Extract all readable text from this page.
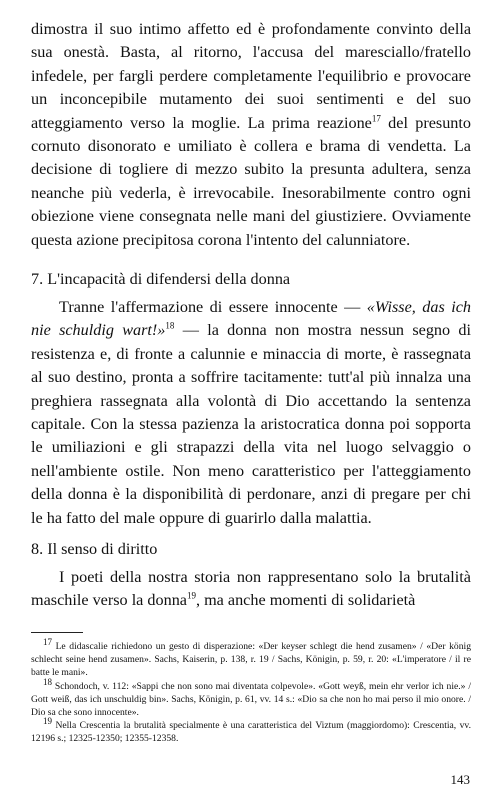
dimostra il suo intimo affetto ed è profondamente convinto della sua onestà. Basta, al ritorno, l'accusa del maresciallo/fratello infedele, per fargli perdere completamente l'equilibrio e provocare un inconcepibile mutamento dei suoi sentimenti e del suo atteggiamento verso la moglie. La prima reazione$^{17}$ del presunto cornuto disonorato e umiliato è collera e brama di vendetta. La decisione di togliere di mezzo subito la presunta adultera, senza neanche più vederla, è irrevocabile. Inesorabilmente contro ogni obiezione viene consegnata nelle mani del giustiziere. Ovviamente questa azione precipitosa corona l'intento del calunniatore.

7. L'incapacità di difendersi della donna

Tranne l'affermazione di essere innocente — «Wisse, das ich nie schuldig wart!»$^{18}$ — la donna non mostra nessun segno di resistenza e, di fronte a calunnie e minaccia di morte, è rassegnata al suo destino, pronta a soffrire tacitamente: tutt'al più innalza una preghiera rassegnata alla volontà di Dio accettando la sentenza capitale. Con la stessa pazienza la aristocratica donna poi sopporta le umiliazioni e gli strapazzi della vita nel luogo selvaggio o nell'ambiente ostile. Non meno caratteristico per l'atteggiamento della donna è la disponibilità di perdonare, anzi di pregare per chi le ha fatto del male oppure di guarirlo dalla malattia.

8. Il senso di diritto

I poeti della nostra storia non rappresentano solo la brutalità maschile verso la donna$^{19}$, ma anche momenti di solidarietà

$^{17}$ Le didascalie richiedono un gesto di disperazione: «Der keyser schlegt die hend zusamen» / «Der könig schlecht seine hend zusamen». Sachs, Kaiserin, p. 138, r. 19 / Sachs, Königin, p. 59, r. 20: «L'imperatore / il re batte le mani».

$^{18}$ Schondoch, v. 112: «Sappi che non sono mai diventata colpevole». «Gott weyß, mein ehr verlor ich nie.» / Gott weiß, das ich unschuldig bin». Sachs, Königin, p. 61, vv. 14 s.: «Dio sa che non ho mai perso il mio onore. / Dio sa che sono innocente».

$^{19}$ Nella Crescentia la brutalità specialmente è una caratteristica del Viztum (maggiordomo): Crescentia, vv. 12196 s.; 12325-12350; 12355-12358.

143
